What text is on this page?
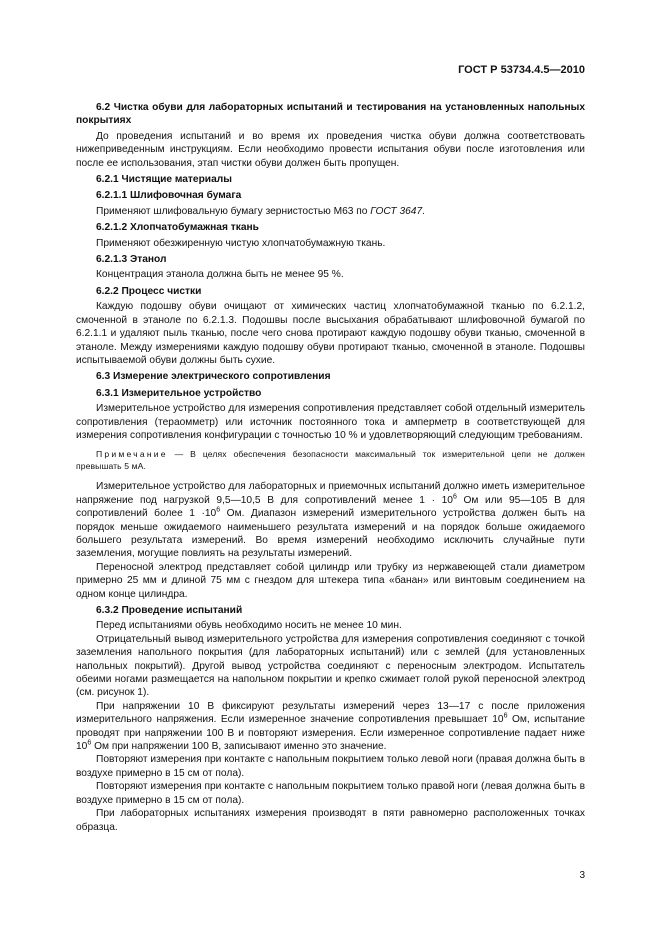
ГОСТ Р 53734.4.5—2010

6.2 Чистка обуви для лабораторных испытаний и тестирования на установленных напольных покрытиях

До проведения испытаний и во время их проведения чистка обуви должна соответствовать нижеприведенным инструкциям. Если необходимо провести испытания обуви после изготовления или после ее использования, этап чистки обуви должен быть пропущен.

6.2.1 Чистящие материалы

6.2.1.1 Шлифовочная бумага

Применяют шлифовальную бумагу зернистостью М63 по ГОСТ 3647.

6.2.1.2 Хлопчатобумажная ткань

Применяют обезжиренную чистую хлопчатобумажную ткань.

6.2.1.3 Этанол

Концентрация этанола должна быть не менее 95 %.

6.2.2 Процесс чистки

Каждую подошву обуви очищают от химических частиц хлопчатобумажной тканью по 6.2.1.2, смоченной в этаноле по 6.2.1.3. Подошвы после высыхания обрабатывают шлифовочной бумагой по 6.2.1.1 и удаляют пыль тканью, после чего снова протирают каждую подошву обуви тканью, смоченной в этаноле. Между измерениями каждую подошву обуви протирают тканью, смоченной в этаноле. Подошвы испытываемой обуви должны быть сухие.

6.3 Измерение электрического сопротивления

6.3.1 Измерительное устройство

Измерительное устройство для измерения сопротивления представляет собой отдельный измеритель сопротивления (тераомметр) или источник постоянного тока и амперметр в соответствующей для измерения сопротивления конфигурации с точностью 10 % и удовлетворяющий следующим требованиям.

Примечание — В целях обеспечения безопасности максимальный ток измерительной цепи не должен превышать 5 мА.

Измерительное устройство для лабораторных и приемочных испытаний должно иметь измерительное напряжение под нагрузкой 9,5—10,5 В для сопротивлений менее $1 \cdot 10^6$ Ом или 95—105 В для сопротивлений более $1 \cdot 10^6$ Ом. Диапазон измерений измерительного устройства должен быть на порядок меньше ожидаемого наименьшего результата измерений и на порядок больше ожидаемого большего результата измерений. Во время измерений необходимо исключить случайные пути заземления, могущие повлиять на результаты измерений.

Переносной электрод представляет собой цилиндр или трубку из нержавеющей стали диаметром примерно 25 мм и длиной 75 мм с гнездом для штекера типа «банан» или винтовым соединением на одном конце цилиндра.

6.3.2 Проведение испытаний

Перед испытаниями обувь необходимо носить не менее 10 мин.

Отрицательный вывод измерительного устройства для измерения сопротивления соединяют с точкой заземления напольного покрытия (для лабораторных испытаний) или с землей (для установленных напольных покрытий). Другой вывод устройства соединяют с переносным электродом. Испытатель обеими ногами размещается на напольном покрытии и крепко сжимает голой рукой переносной электрод (см. рисунок 1).

При напряжении 10 В фиксируют результаты измерений через 13—17 с после приложения измерительного напряжения. Если измеренное значение сопротивления превышает $10^6$ Ом, испытание проводят при напряжении 100 В и повторяют измерения. Если измеренное сопротивление падает ниже $10^6$ Ом при напряжении 100 В, записывают именно это значение.

Повторяют измерения при контакте с напольным покрытием только левой ноги (правая должна быть в воздухе примерно в 15 см от пола).

Повторяют измерения при контакте с напольным покрытием только правой ноги (левая должна быть в воздухе примерно в 15 см от пола).

При лабораторных испытаниях измерения производят в пяти равномерно расположенных точках образца.

3
